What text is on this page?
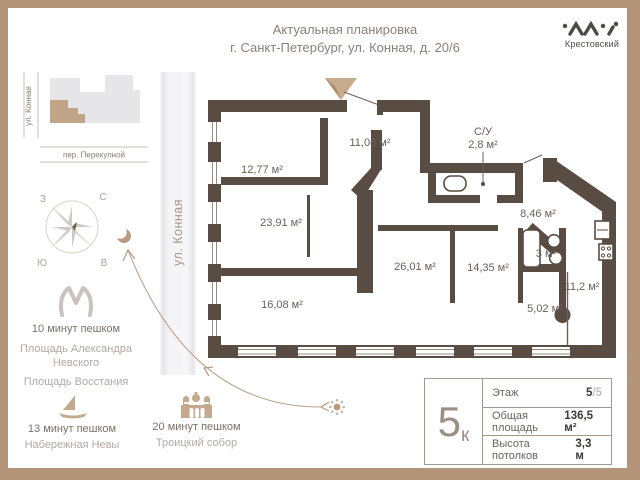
Актуальная планировка
г. Санкт-Петербург, ул. Конная, д. 20/6	Крестовский
ул. Конная
пер. Перекупной
З	С
Ю	В	ул. Конная
12,77 м²
11,08 м²
С/У
2,8 м²
23,91 м²
8,46 м²
26,01 м²	14,35 м²
3 м²
16,08 м²	5,02 м²
11,2 м²
10 минут пешком
Площадь Александра Невского
Площадь Восстания
13 минут пешком
Набережная Невы
20 минут пешком
Троицкий собор	5 к
Этаж	5/5
Общая площадь
136,5 м²
Высота потолков
3,3 м
